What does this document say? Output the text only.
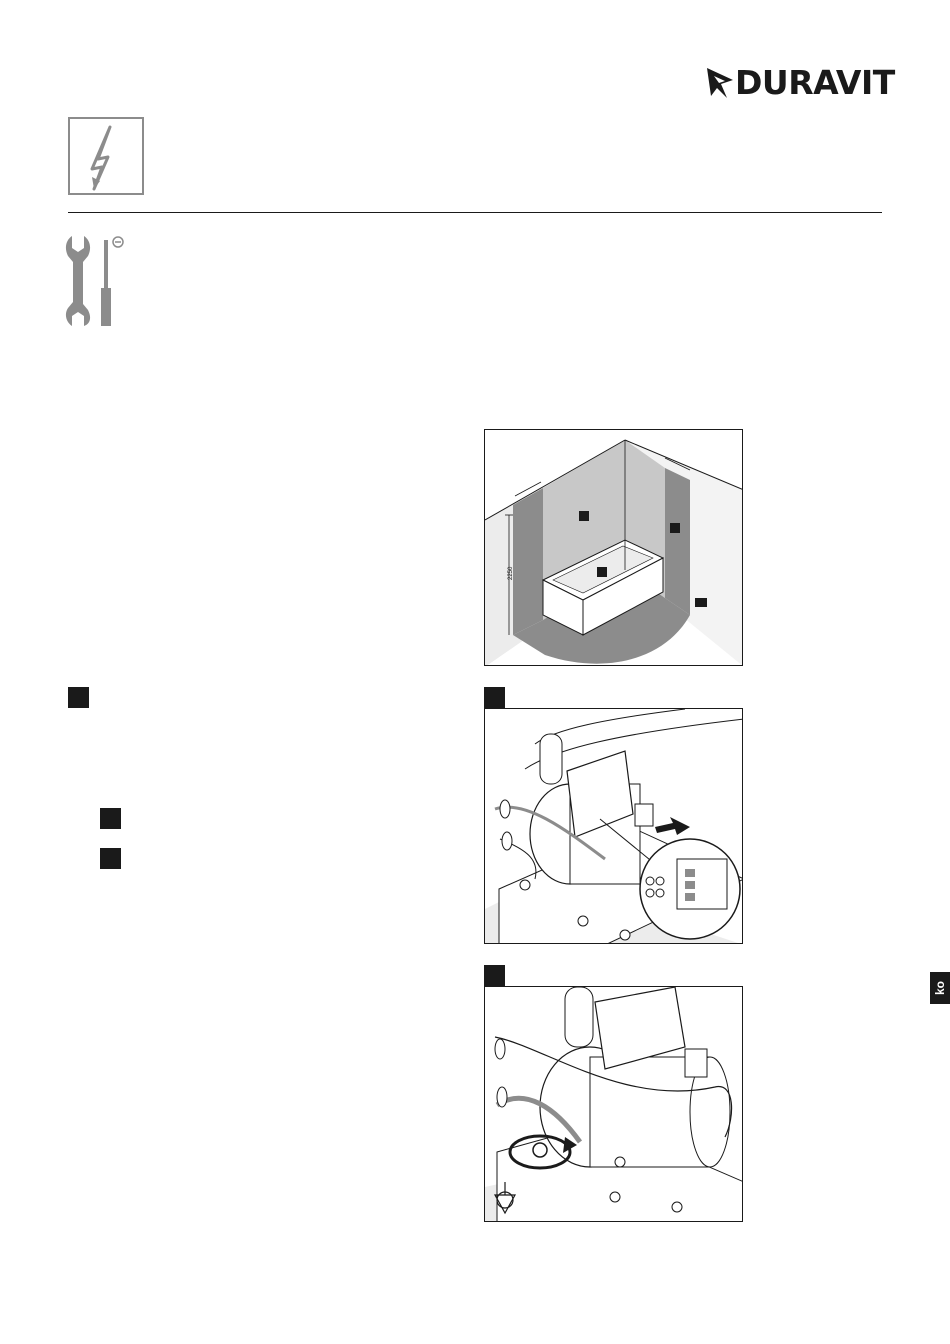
DURAVIT
2250
ko
